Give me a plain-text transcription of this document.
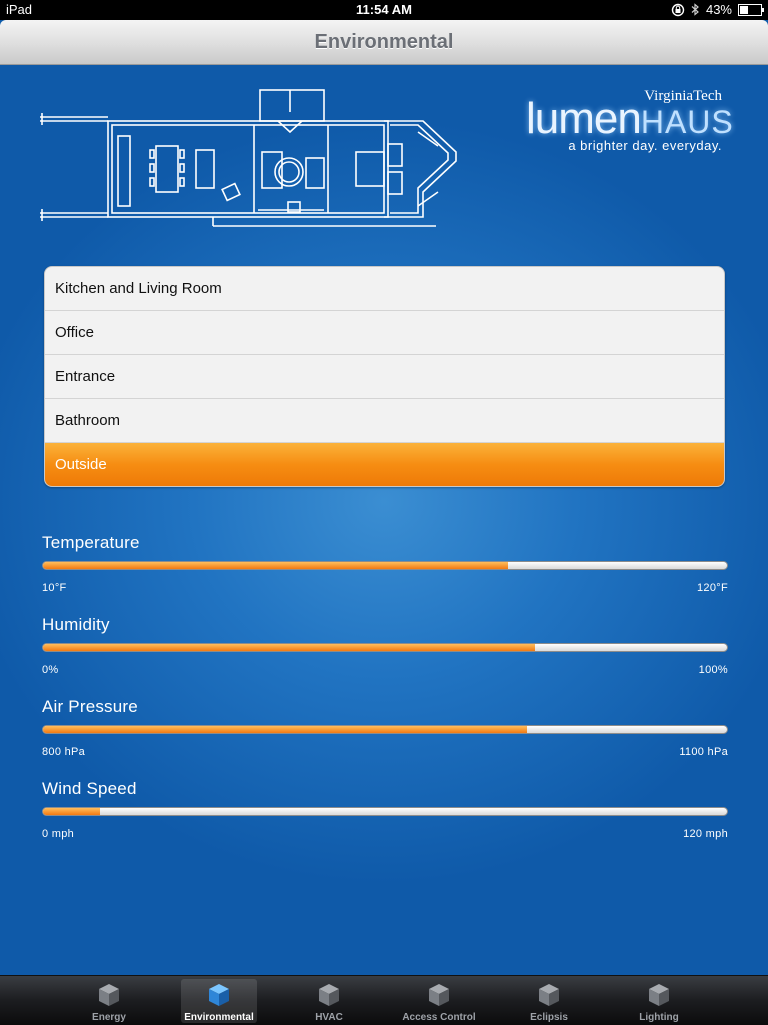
iPad	11:54 AM	43%
Environmental
VirginiaTech
lumenHAUS
a brighter day. everyday.
Kitchen and Living Room
Office
Entrance
Bathroom
Outside
Temperature
10°F	120°F
Humidity
0%	100%
Air Pressure
800 hPa	1100 hPa
Wind Speed
0 mph	120 mph
Energy	Environmental	HVAC	Access Control	Eclipsis	Lighting
